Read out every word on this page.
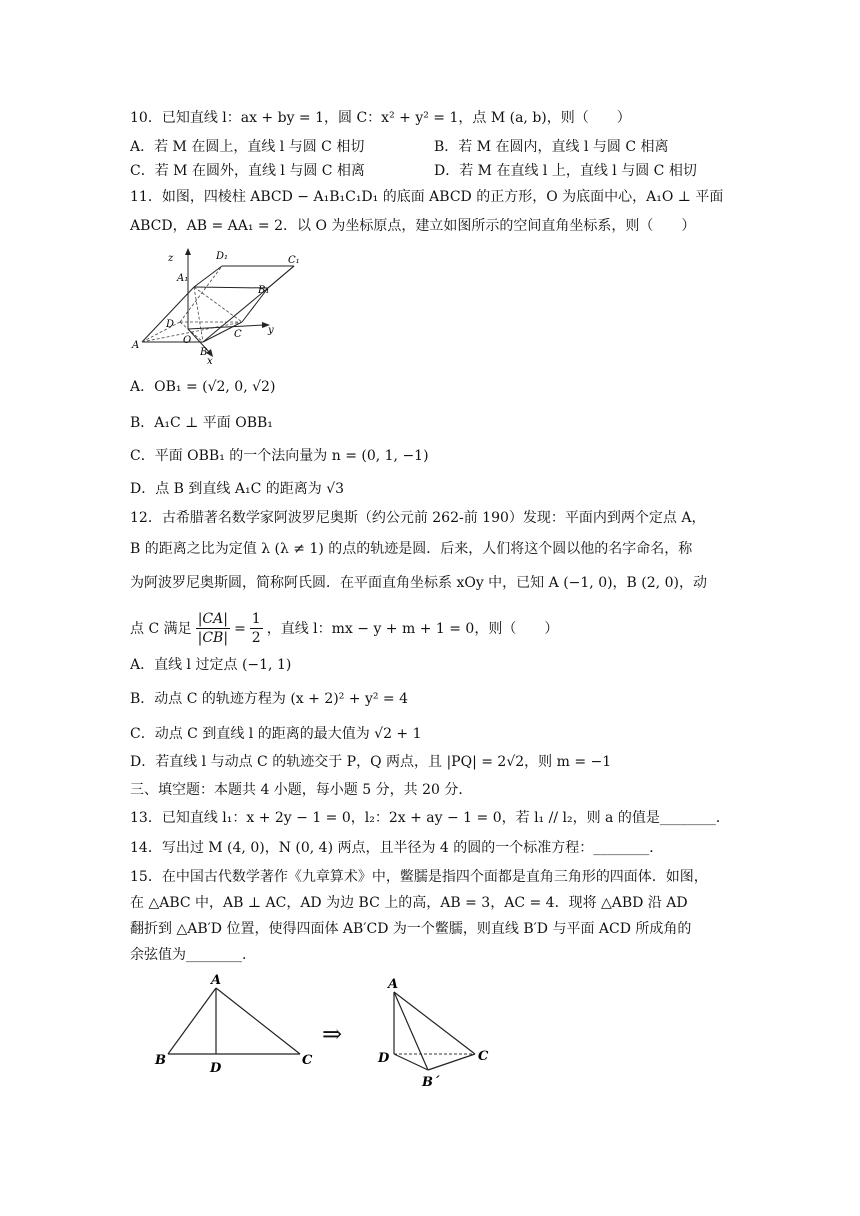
10．已知直线 l：ax + by = 1，圆 C：x² + y² = 1，点 M (a, b)，则（　　）
A．若 M 在圆上，直线 l 与圆 C 相切	B．若 M 在圆内，直线 l 与圆 C 相离
C．若 M 在圆外，直线 l 与圆 C 相离	D．若 M 在直线 l 上，直线 l 与圆 C 相切
11．如图，四棱柱 ABCD − A₁B₁C₁D₁ 的底面 ABCD 的正方形，O 为底面中心，A₁O ⊥ 平面
ABCD，AB = AA₁ = 2．以 O 为坐标原点，建立如图所示的空间直角坐标系，则（　　）
z
y
x
A
B
C
D
O
A₁
B₁
C₁
D₁
A．OB₁ = (√2, 0, √2)
B．A₁C ⊥ 平面 OBB₁
C．平面 OBB₁ 的一个法向量为 n = (0, 1, −1)
D．点 B 到直线 A₁C 的距离为 √3
12．古希腊著名数学家阿波罗尼奥斯（约公元前 262-前 190）发现：平面内到两个定点 A，
B 的距离之比为定值 λ (λ ≠ 1) 的点的轨迹是圆．后来，人们将这个圆以他的名字命名，称
为阿波罗尼奥斯圆，简称阿氏圆．在平面直角坐标系 xOy 中，已知 A (−1, 0)，B (2, 0)，动
点 C 满足 $\frac{|CA|}{|CB|} = \frac{1}{2}$ ，直线 l：mx − y + m + 1 = 0，则（　　）
A．直线 l 过定点 (−1, 1)
B．动点 C 的轨迹方程为 (x + 2)² + y² = 4
C．动点 C 到直线 l 的距离的最大值为 √2 + 1
D．若直线 l 与动点 C 的轨迹交于 P，Q 两点，且 |PQ| = 2√2，则 m = −1
三、填空题：本题共 4 小题，每小题 5 分，共 20 分．
13．已知直线 l₁：x + 2y − 1 = 0，l₂：2x + ay − 1 = 0，若 l₁ // l₂，则 a 的值是________．
14．写出过 M (4, 0)，N (0, 4) 两点，且半径为 4 的圆的一个标准方程：________．
15．在中国古代数学著作《九章算术》中，鳖臑是指四个面都是直角三角形的四面体．如图，
在 △ABC 中，AB ⊥ AC，AD 为边 BC 上的高，AB = 3，AC = 4．现将 △ABD 沿 AD
翻折到 △AB′D 位置，使得四面体 AB′CD 为一个鳖臑，则直线 B′D 与平面 ACD 所成角的
余弦值为________．
A
B	C
D
⇒
A
D	C
B´
